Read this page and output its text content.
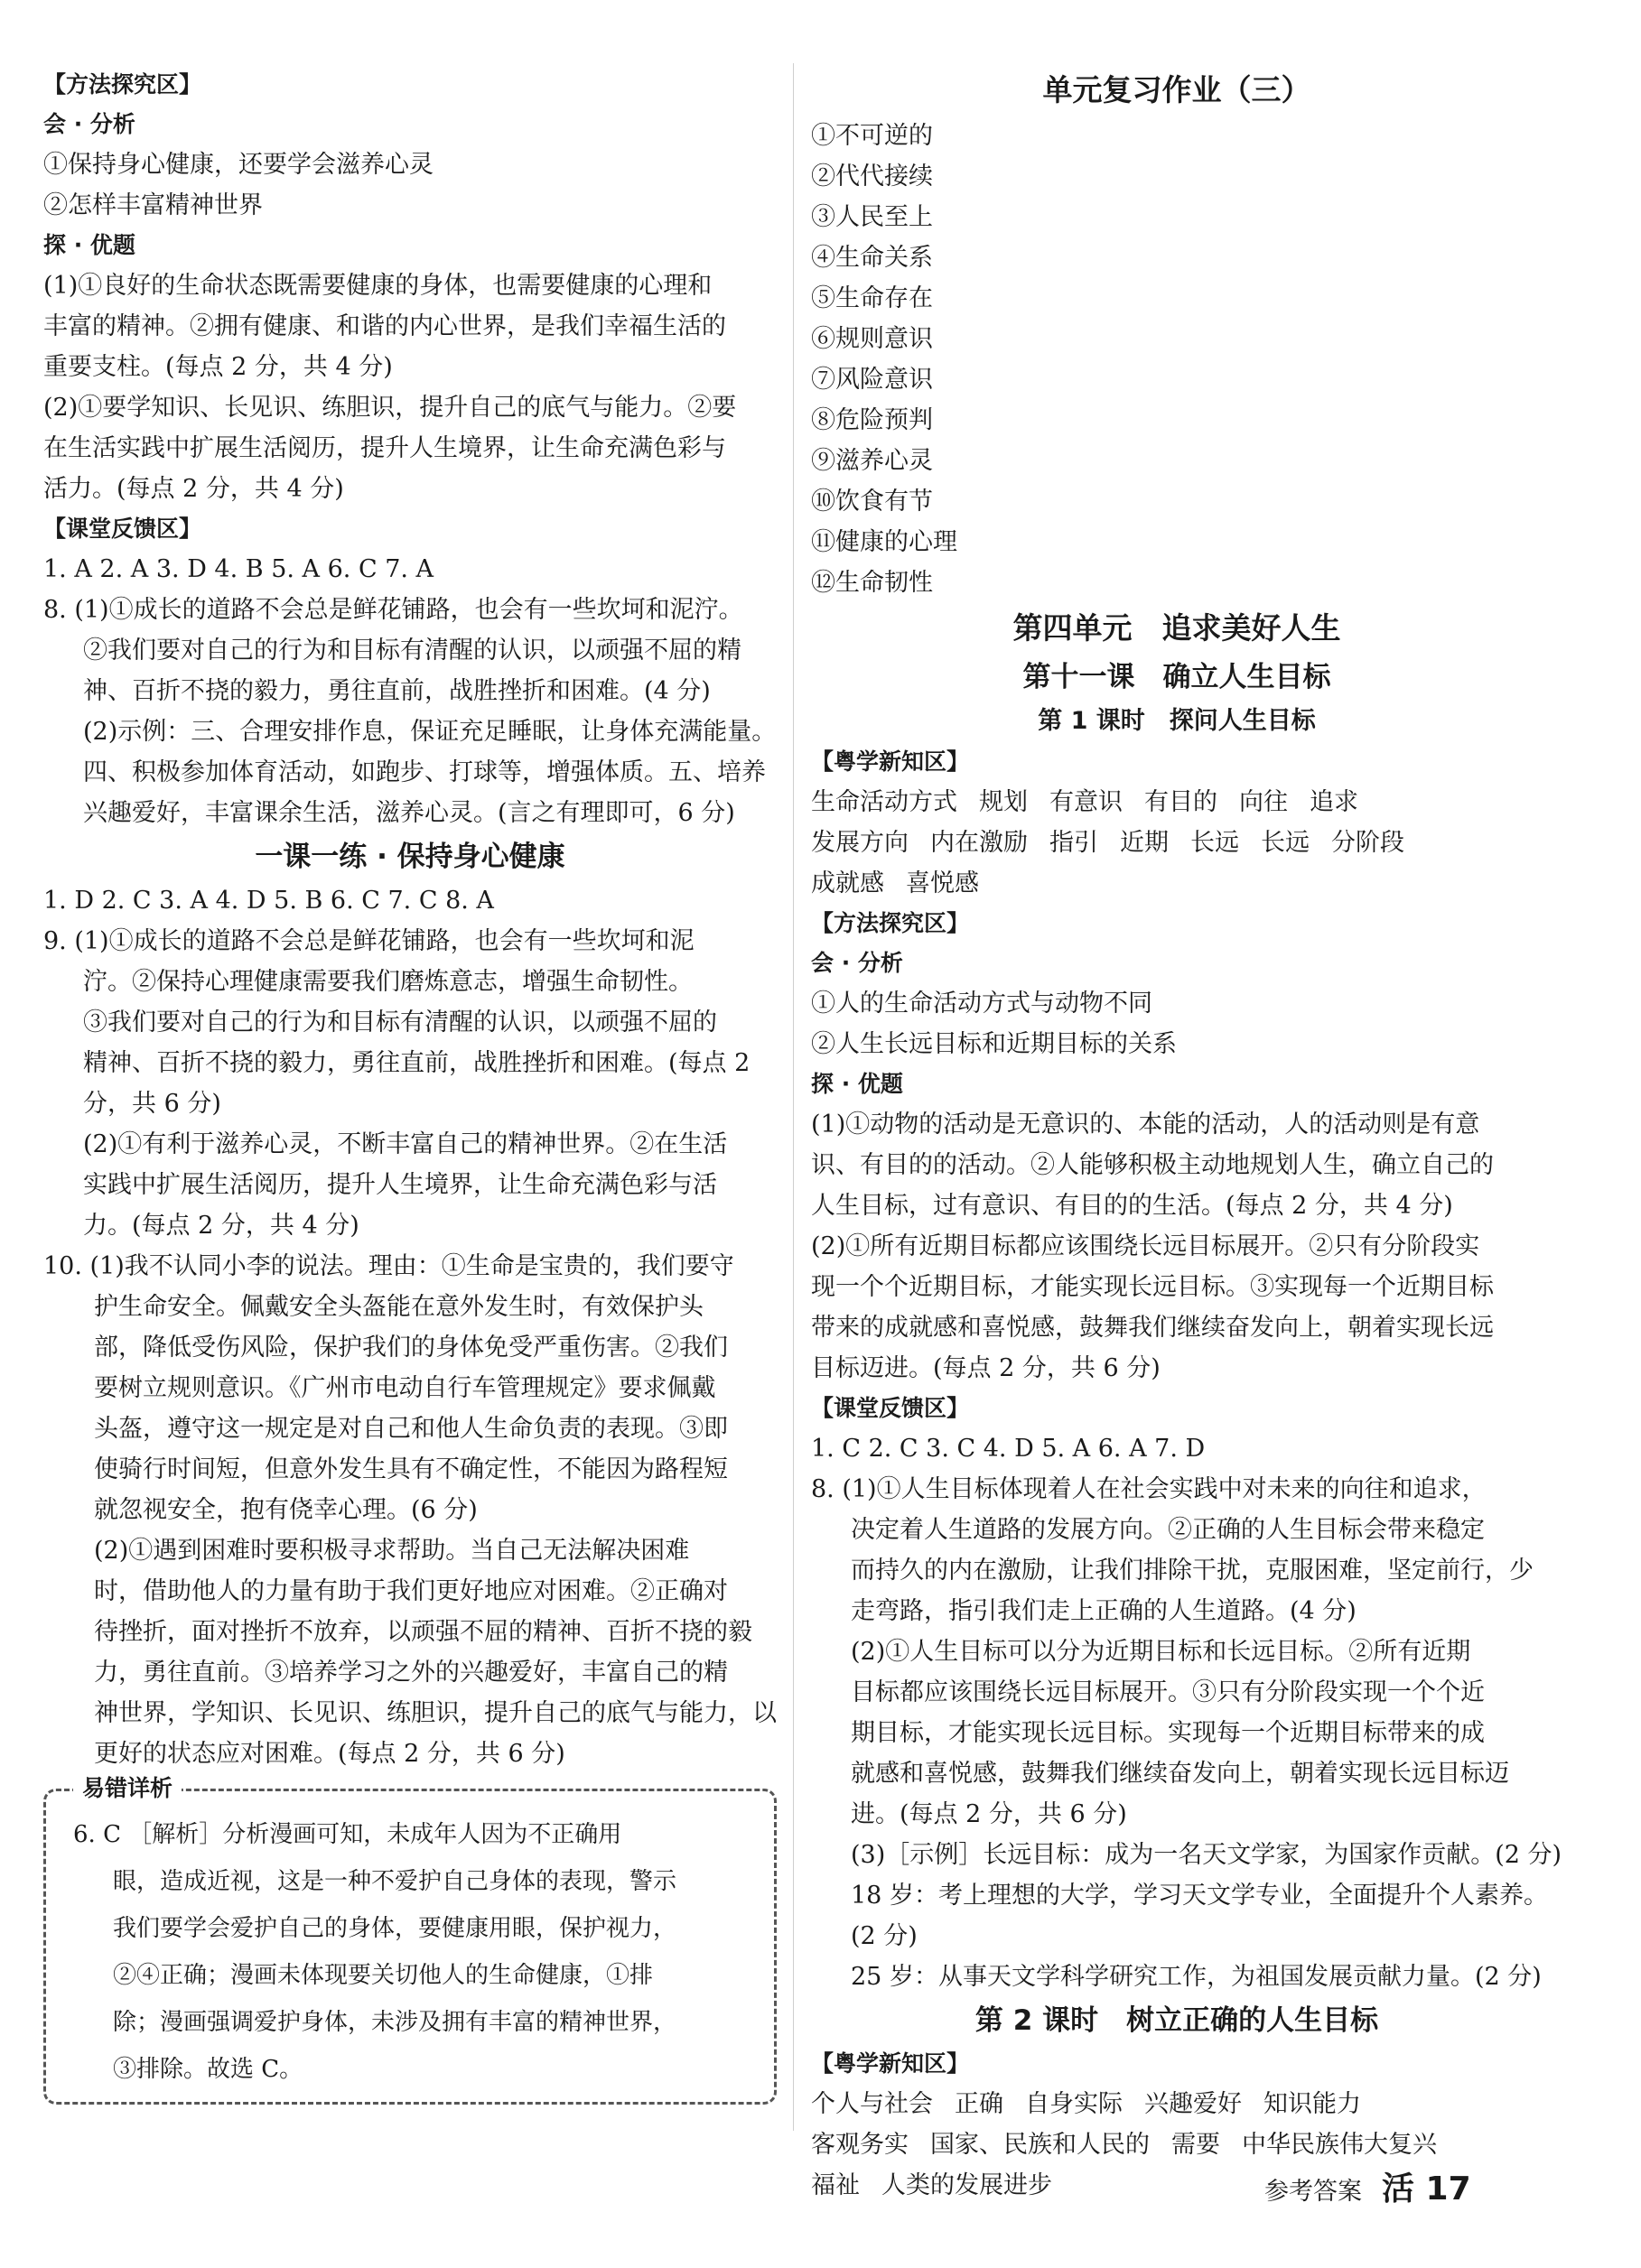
【方法探究区】
会 · 分析
①保持身心健康，还要学会滋养心灵
②怎样丰富精神世界
探 · 优题
(1)①良好的生命状态既需要健康的身体，也需要健康的心理和
丰富的精神。②拥有健康、和谐的内心世界，是我们幸福生活的
重要支柱。(每点 2 分，共 4 分)
(2)①要学知识、长见识、练胆识，提升自己的底气与能力。②要
在生活实践中扩展生活阅历，提升人生境界，让生命充满色彩与
活力。(每点 2 分，共 4 分)
【课堂反馈区】
1. A 2. A 3. D 4. B 5. A 6. C 7. A
8. (1)①成长的道路不会总是鲜花铺路，也会有一些坎坷和泥泞。
②我们要对自己的行为和目标有清醒的认识，以顽强不屈的精
神、百折不挠的毅力，勇往直前，战胜挫折和困难。(4 分)
(2)示例：三、合理安排作息，保证充足睡眠，让身体充满能量。
四、积极参加体育活动，如跑步、打球等，增强体质。五、培养
兴趣爱好，丰富课余生活，滋养心灵。(言之有理即可，6 分)
一课一练 · 保持身心健康
1. D 2. C 3. A 4. D 5. B 6. C 7. C 8. A
9. (1)①成长的道路不会总是鲜花铺路，也会有一些坎坷和泥
泞。②保持心理健康需要我们磨炼意志，增强生命韧性。
③我们要对自己的行为和目标有清醒的认识，以顽强不屈的
精神、百折不挠的毅力，勇往直前，战胜挫折和困难。(每点 2
分，共 6 分)
(2)①有利于滋养心灵，不断丰富自己的精神世界。②在生活
实践中扩展生活阅历，提升人生境界，让生命充满色彩与活
力。(每点 2 分，共 4 分)
10. (1)我不认同小李的说法。理由：①生命是宝贵的，我们要守
护生命安全。佩戴安全头盔能在意外发生时，有效保护头
部，降低受伤风险，保护我们的身体免受严重伤害。②我们
要树立规则意识。《广州市电动自行车管理规定》要求佩戴
头盔，遵守这一规定是对自己和他人生命负责的表现。③即
使骑行时间短，但意外发生具有不确定性，不能因为路程短
就忽视安全，抱有侥幸心理。(6 分)
(2)①遇到困难时要积极寻求帮助。当自己无法解决困难
时，借助他人的力量有助于我们更好地应对困难。②正确对
待挫折，面对挫折不放弃，以顽强不屈的精神、百折不挠的毅
力，勇往直前。③培养学习之外的兴趣爱好，丰富自己的精
神世界，学知识、长见识、练胆识，提升自己的底气与能力，以
更好的状态应对困难。(每点 2 分，共 6 分)
易错详析
6. C ［解析］分析漫画可知，未成年人因为不正确用
眼，造成近视，这是一种不爱护自己身体的表现，警示
我们要学会爱护自己的身体，要健康用眼，保护视力，
②④正确；漫画未体现要关切他人的生命健康，①排
除；漫画强调爱护身体，未涉及拥有丰富的精神世界，
③排除。故选 C。
单元复习作业（三）
①不可逆的
②代代接续
③人民至上
④生命关系
⑤生命存在
⑥规则意识
⑦风险意识
⑧危险预判
⑨滋养心灵
⑩饮食有节
⑪健康的心理
⑫生命韧性
第四单元　追求美好人生
第十一课　确立人生目标
第 1 课时　探问人生目标
【粤学新知区】
生命活动方式 规划 有意识 有目的 向往 追求
发展方向 内在激励 指引 近期 长远 长远 分阶段
成就感 喜悦感
【方法探究区】
会 · 分析
①人的生命活动方式与动物不同
②人生长远目标和近期目标的关系
探 · 优题
(1)①动物的活动是无意识的、本能的活动，人的活动则是有意
识、有目的的活动。②人能够积极主动地规划人生，确立自己的
人生目标，过有意识、有目的的生活。(每点 2 分，共 4 分)
(2)①所有近期目标都应该围绕长远目标展开。②只有分阶段实
现一个个近期目标，才能实现长远目标。③实现每一个近期目标
带来的成就感和喜悦感，鼓舞我们继续奋发向上，朝着实现长远
目标迈进。(每点 2 分，共 6 分)
【课堂反馈区】
1. C 2. C 3. C 4. D 5. A 6. A 7. D
8. (1)①人生目标体现着人在社会实践中对未来的向往和追求，
决定着人生道路的发展方向。②正确的人生目标会带来稳定
而持久的内在激励，让我们排除干扰，克服困难，坚定前行，少
走弯路，指引我们走上正确的人生道路。(4 分)
(2)①人生目标可以分为近期目标和长远目标。②所有近期
目标都应该围绕长远目标展开。③只有分阶段实现一个个近
期目标，才能实现长远目标。实现每一个近期目标带来的成
就感和喜悦感，鼓舞我们继续奋发向上，朝着实现长远目标迈
进。(每点 2 分，共 6 分)
(3)［示例］长远目标：成为一名天文学家，为国家作贡献。(2 分)
18 岁：考上理想的大学，学习天文学专业，全面提升个人素养。
(2 分)
25 岁：从事天文学科学研究工作，为祖国发展贡献力量。(2 分)
第 2 课时　树立正确的人生目标
【粤学新知区】
个人与社会 正确 自身实际 兴趣爱好 知识能力
客观务实 国家、民族和人民的 需要 中华民族伟大复兴
福祉 人类的发展进步	参考答案 活 17
